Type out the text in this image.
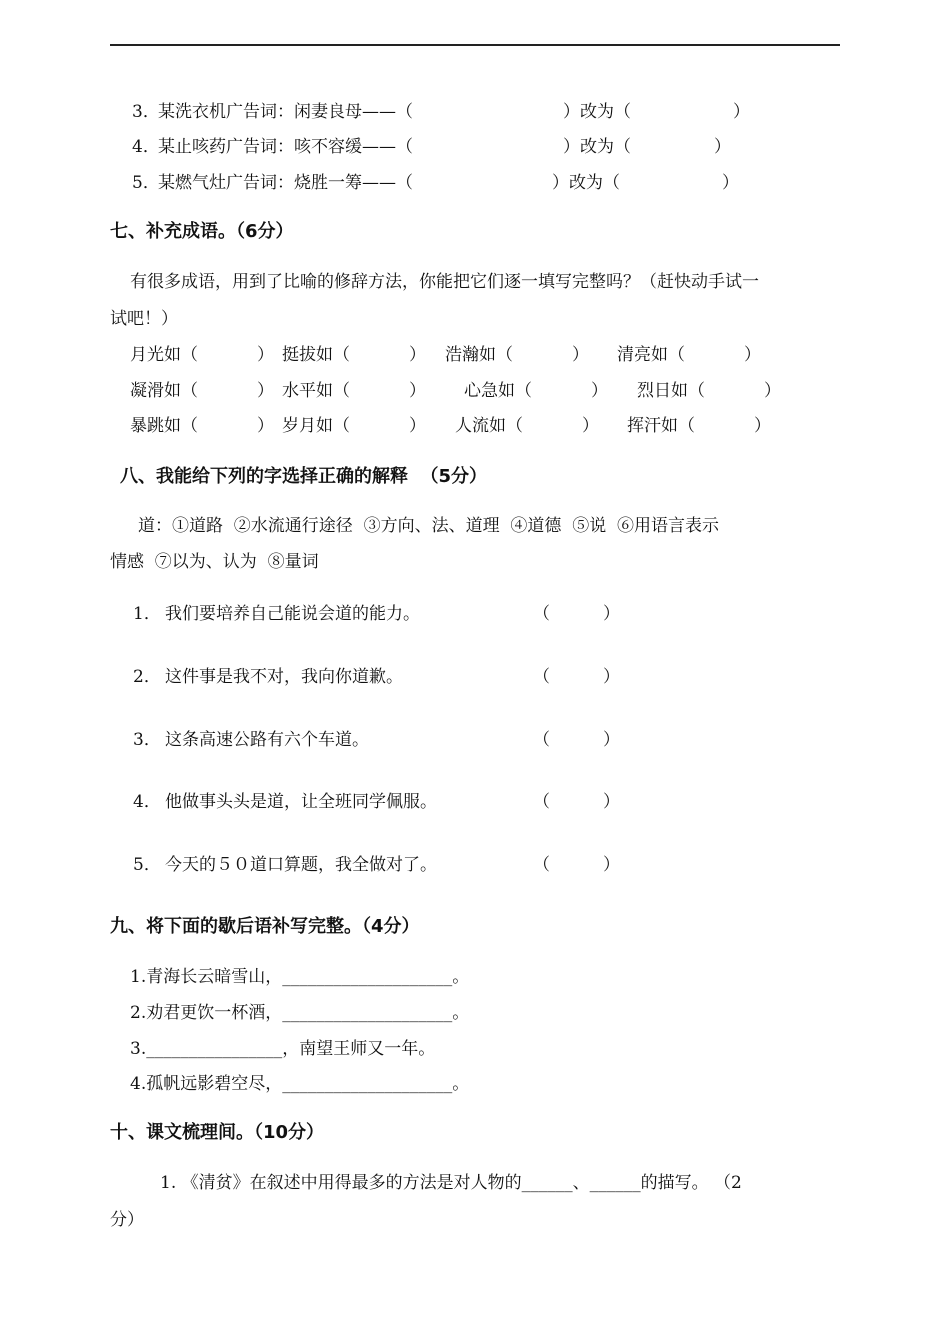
3．
某洗衣机广告词：闲妻良母——（	）改为（	）
4．
某止咳药广告词：咳不容缓——（	）改为（	）
5．
某燃气灶广告词：烧胜一筹——（	）改为（	）
七、补充成语。（6分）
有很多成语，用到了比喻的修辞方法，你能把它们逐一填写完整吗？（赶快动手试一
试吧！）
月光如（	） 挺拔如（	） 浩瀚如（	） 清亮如（	）
凝滑如（	） 水平如（	） 心急如（	） 烈日如（	）
暴跳如（	） 岁月如（	） 人流如（	） 挥汗如（	）
八、我能给下列的字选择正确的解释  （5分）
道：①道路  ②水流通行途径  ③方向、法、道理  ④道德  ⑤说  ⑥用语言表示
情感  ⑦以为、认为  ⑧量词
1． 我们要培养自己能说会道的能力。	（	）
2． 这件事是我不对，我向你道歉。	（	）
3． 这条高速公路有六个车道。	（	）
4． 他做事头头是道，让全班同学佩服。	（	）
5． 今天的５０道口算题，我全做对了。	（	）
九、将下面的歇后语补写完整。（4分）
1.青海长云暗雪山，____________________。
2.劝君更饮一杯酒，____________________。
3.________________，南望王师又一年。
4.孤帆远影碧空尽，____________________。
十、课文梳理间。（10分）
1. 《清贫》在叙述中用得最多的方法是对人物的______、______的描写。 （2
分）
